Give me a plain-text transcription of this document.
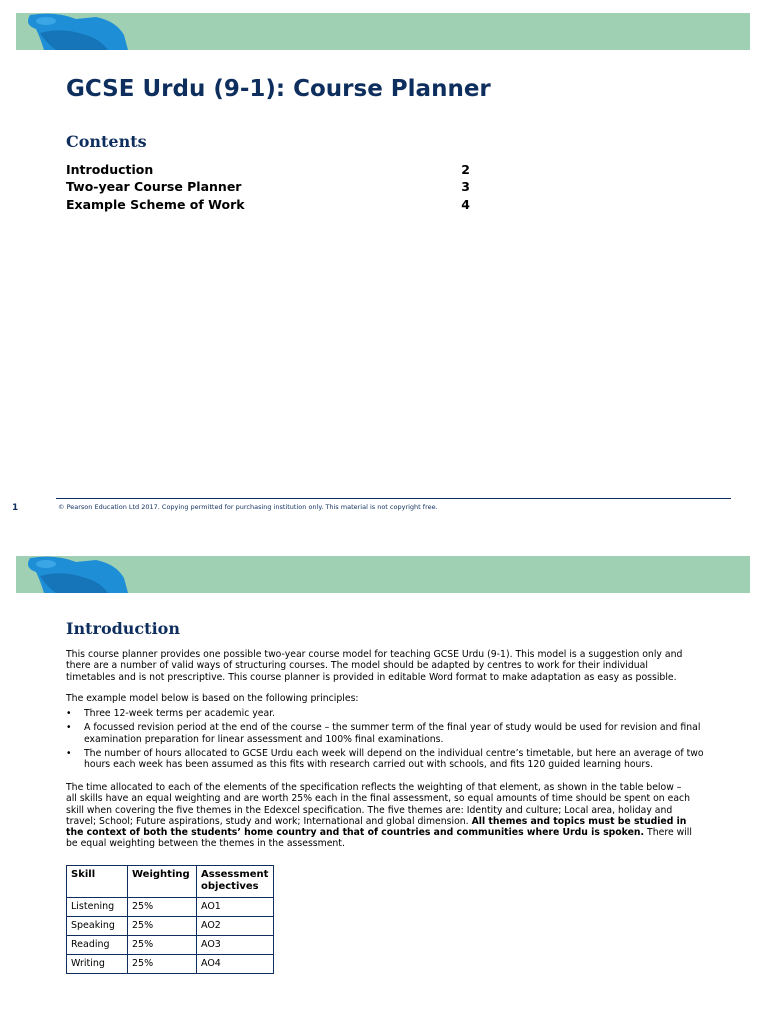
GCSE Urdu (9-1): Course Planner
Contents
Introduction	2
Two-year Course Planner	3
Example Scheme of Work	4
1	© Pearson Education Ltd 2017. Copying permitted for purchasing institution only. This material is not copyright free.
Introduction

This course planner provides one possible two-year course model for teaching GCSE Urdu (9-1). This model is a suggestion only and there are a number of valid ways of structuring courses. The model should be adapted by centres to work for their individual timetables and is not prescriptive. This course planner is provided in editable Word format to make adaptation as easy as possible.

The example model below is based on the following principles:

• Three 12-week terms per academic year.
• A focussed revision period at the end of the course – the summer term of the final year of study would be used for revision and final examination preparation for linear assessment and 100% final examinations.
• The number of hours allocated to GCSE Urdu each week will depend on the individual centre’s timetable, but here an average of two hours each week has been assumed as this fits with research carried out with schools, and fits 120 guided learning hours.

The time allocated to each of the elements of the specification reflects the weighting of that element, as shown in the table below – all skills have an equal weighting and are worth 25% each in the final assessment, so equal amounts of time should be spent on each skill when covering the five themes in the Edexcel specification. The five themes are: Identity and culture; Local area, holiday and travel; School; Future aspirations, study and work; International and global dimension. All themes and topics must be studied in the context of both the students’ home country and that of countries and communities where Urdu is spoken. There will be equal weighting between the themes in the assessment.

Skill	Weighting	Assessment objectives
Listening	25%	AO1
Speaking	25%	AO2
Reading	25%	AO3
Writing	25%	AO4
